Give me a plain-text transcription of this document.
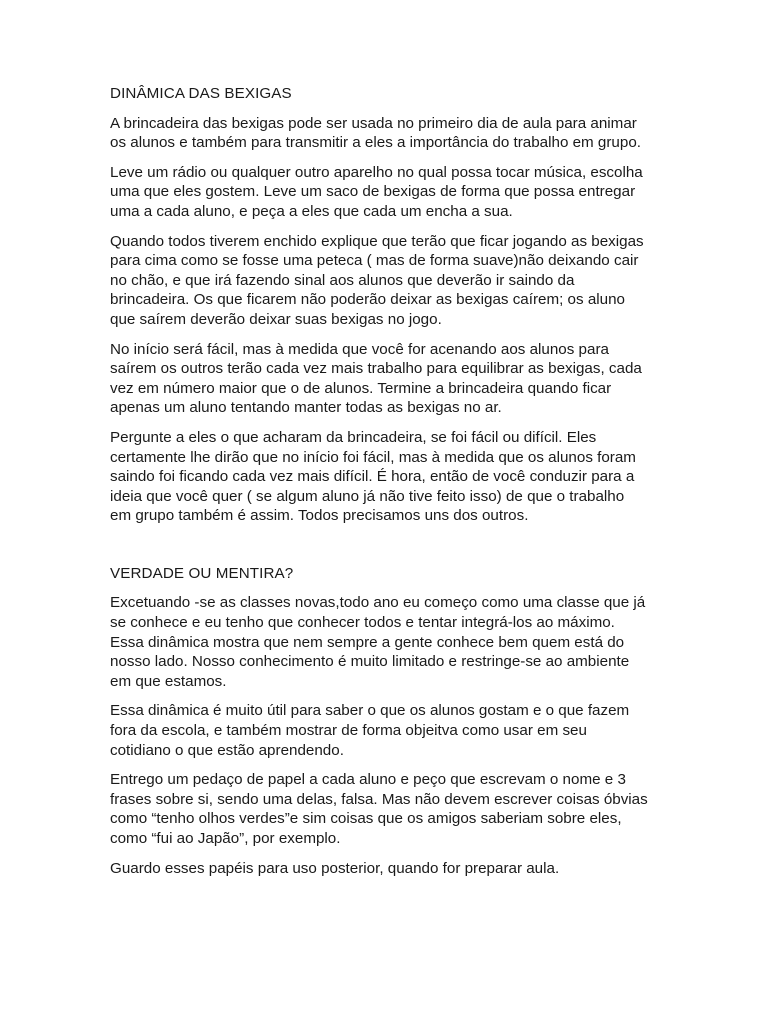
DINÂMICA DAS BEXIGAS

A brincadeira das bexigas pode ser usada no primeiro dia de aula para animar
os alunos e também para transmitir a eles a importância do trabalho em grupo.

Leve um rádio ou qualquer outro aparelho no qual possa tocar música, escolha
uma que eles gostem. Leve um saco de bexigas de forma que possa entregar
uma a cada aluno, e peça a eles que cada um encha a sua.

Quando todos tiverem enchido explique que terão que ficar jogando as bexigas
para cima como se fosse uma peteca ( mas de forma suave)não deixando cair
no chão, e que irá fazendo sinal aos alunos que deverão ir saindo da
brincadeira. Os que ficarem não poderão deixar as bexigas caírem; os aluno
que saírem deverão deixar suas bexigas no jogo.

No início será fácil, mas à medida que você for acenando aos alunos para
saírem os outros terão cada vez mais trabalho para equilibrar as bexigas, cada
vez em número maior que o de alunos. Termine a brincadeira quando ficar
apenas um aluno tentando manter todas as bexigas no ar.

Pergunte a eles o que acharam da brincadeira, se foi fácil ou difícil. Eles
certamente lhe dirão que no início foi fácil, mas à medida que os alunos foram
saindo foi ficando cada vez mais difícil. É hora, então de você conduzir para a
ideia que você quer ( se algum aluno já não tive feito isso) de que o trabalho
em grupo também é assim. Todos precisamos uns dos outros.

VERDADE OU MENTIRA?

Excetuando -se as classes novas,todo ano eu começo como uma classe que já
se conhece e eu tenho que conhecer todos e tentar integrá-los ao máximo.
Essa dinâmica mostra que nem sempre a gente conhece bem quem está do
nosso lado. Nosso conhecimento é muito limitado e restringe-se ao ambiente
em que estamos.

Essa dinâmica é muito útil para saber o que os alunos gostam e o que fazem
fora da escola, e também mostrar de forma objeitva como usar em seu
cotidiano o que estão aprendendo.

Entrego um pedaço de papel a cada aluno e peço que escrevam o nome e 3
frases sobre si, sendo uma delas, falsa. Mas não devem escrever coisas óbvias
como “tenho olhos verdes”e sim coisas que os amigos saberiam sobre eles,
como “fui ao Japão”, por exemplo.

Guardo esses papéis para uso posterior, quando for preparar aula.
